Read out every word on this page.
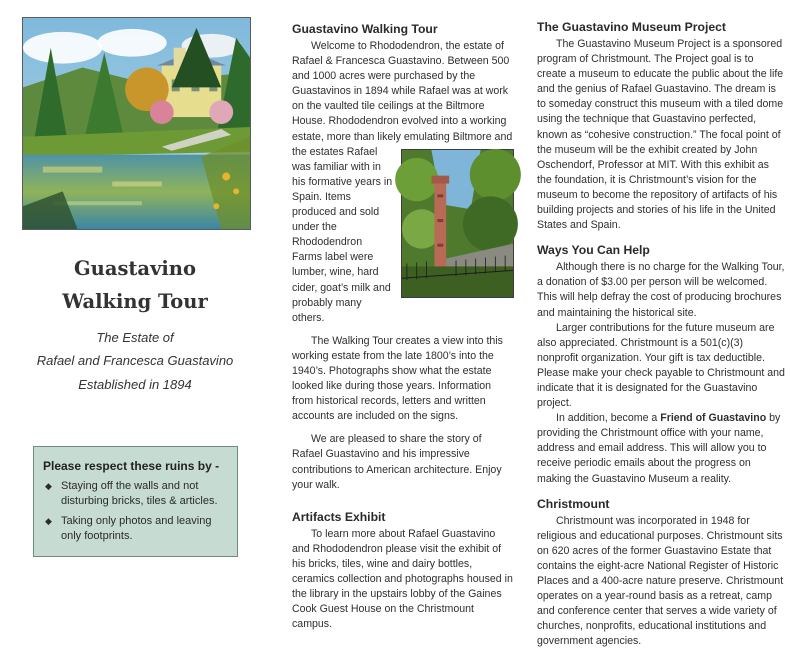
Guastavino
Walking Tour
The Estate of
Rafael and Francesca Guastavino
Established in 1894
Please respect these ruins by -
◆ Staying off the walls and not disturbing bricks, tiles & articles.
◆ Taking only photos and leaving only footprints.
Guastavino Walking Tour

Welcome to Rhododendron, the estate of Rafael & Francesca Guastavino. Between 500 and 1000 acres were purchased by the Guastavinos in 1894 while Rafael was at work on the vaulted tile ceilings at the Biltmore House. Rhododendron evolved into a working estate, more than likely emulating Biltmore and

the estates Rafael was familiar with in his formative years in Spain. Items produced and sold under the Rhododendron Farms label were lumber, wine, hard cider, goat’s milk and probably many others.

The Walking Tour creates a view into this working estate from the late 1800’s into the 1940’s. Photographs show what the estate looked like during those years. Information from historical records, letters and written accounts are included on the signs.

We are pleased to share the story of Rafael Guastavino and his impressive contributions to American architecture. Enjoy your walk.

Artifacts Exhibit

To learn more about Rafael Guastavino and Rhododendron please visit the exhibit of his bricks, tiles, wine and dairy bottles, ceramics collection and photographs housed in the library in the upstairs lobby of the Gaines Cook Guest House on the Christmount campus.

The Guastavino Museum Project

The Guastavino Museum Project is a sponsored program of Christmount. The Project goal is to create a museum to educate the public about the life and the genius of Rafael Guastavino. The dream is to someday construct this museum with a tiled dome using the technique that Guastavino perfected, known as “cohesive construction.” The focal point of the museum will be the exhibit created by John Oschendorf, Professor at MIT. With this exhibit as the foundation, it is Christmount’s vision for the museum to become the repository of artifacts of his building projects and stories of his life in the United States and Spain.

Ways You Can Help

Although there is no charge for the Walking Tour, a donation of $3.00 per person will be welcomed. This will help defray the cost of producing brochures and maintaining the historical site.

Larger contributions for the future museum are also appreciated. Christmount is a 501(c)(3) nonprofit organization. Your gift is tax deductible. Please make your check payable to Christmount and indicate that it is designated for the Guastavino project.

In addition, become a Friend of Guastavino by providing the Christmount office with your name, address and email address. This will allow you to receive periodic emails about the progress on making the Guastavino Museum a reality.

Christmount

Christmount was incorporated in 1948 for religious and educational purposes. Christmount sits on 620 acres of the former Guastavino Estate that contains the eight-acre National Register of Historic Places and a 400-acre nature preserve. Christmount operates on a year-round basis as a retreat, camp and conference center that serves a wide variety of churches, nonprofits, educational institutions and government agencies.
